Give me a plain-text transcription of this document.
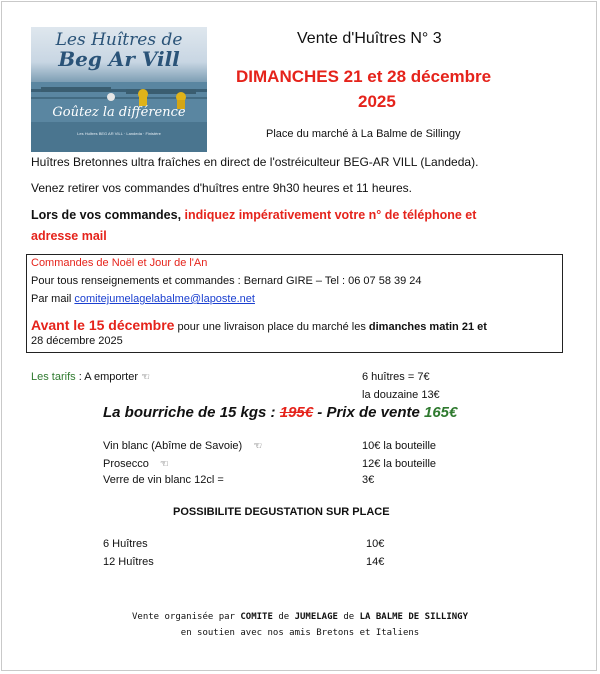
Les Huîtres de
Beg Ar Vill
Goûtez la différence
Les Huîtres BEG AR VILL · Landeda · Finistère
Vente d'Huîtres N° 3
DIMANCHES 21 et 28 décembre
2025
Place du marché à La Balme de Sillingy
Huîtres Bretonnes ultra fraîches en direct de l'ostréiculteur BEG-AR VILL (Landeda).
Venez retirer vos commandes d'huîtres entre 9h30 heures et 11 heures.
Lors de vos commandes, indiquez impérativement votre n° de téléphone et
adresse mail
Commandes de Noël et Jour de l'An
Pour tous renseignements et commandes : Bernard GIRE – Tel : 06 07 58 39 24
Par mail comitejumelagelabalme@laposte.net
Avant le 15 décembre pour une livraison place du marché les dimanches matin 21 et
28 décembre 2025
Les tarifs : A emporter ☜	6 huîtres = 7€
la douzaine 13€
La bourriche de 15 kgs : 195€ - Prix de vente 165€
Vin blanc (Abîme de Savoie) ☜	10€ la bouteille
Prosecco ☜	12€ la bouteille
Verre de vin blanc 12cl =	3€
POSSIBILITE DEGUSTATION SUR PLACE
6 Huîtres	10€
12 Huîtres	14€
Vente organisée par COMITE de JUMELAGE de LA BALME DE SILLINGY
en soutien avec nos amis Bretons et Italiens
